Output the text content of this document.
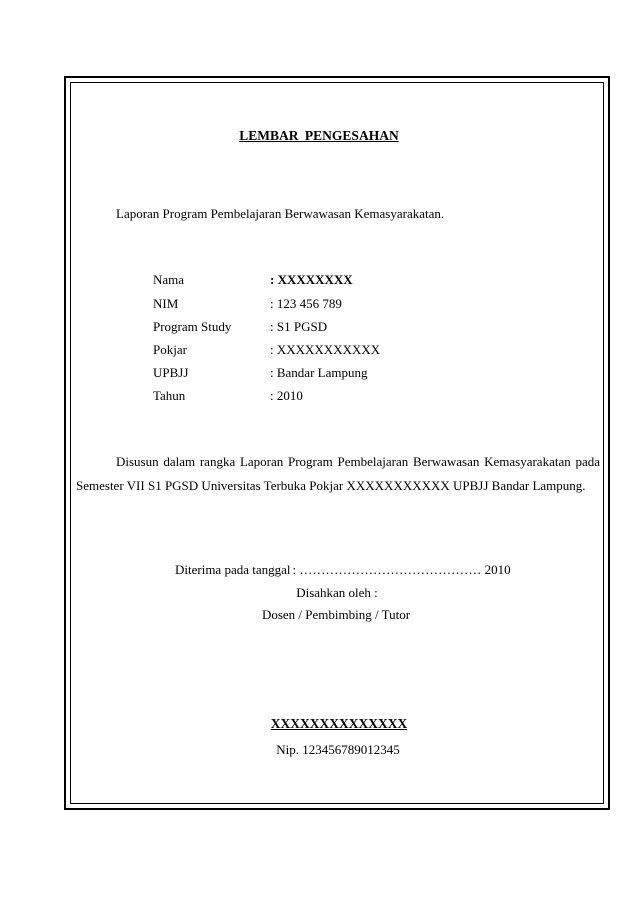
LEMBAR PENGESAHAN
Laporan Program Pembelajaran Berwawasan Kemasyarakatan.
Nama	: XXXXXXXX
NIM	: 123 456 789
Program Study	: S1 PGSD
Pokjar	: XXXXXXXXXXX
UPBJJ	: Bandar Lampung
Tahun	: 2010
Disusun dalam rangka Laporan Program Pembelajaran Berwawasan Kemasyarakatan pada
Semester VII S1 PGSD Universitas Terbuka Pokjar XXXXXXXXXXX UPBJJ Bandar Lampung.
Diterima pada tanggal : …………………………………… 2010
Disahkan oleh :
Dosen / Pembimbing / Tutor
XXXXXXXXXXXXXX
Nip. 123456789012345
